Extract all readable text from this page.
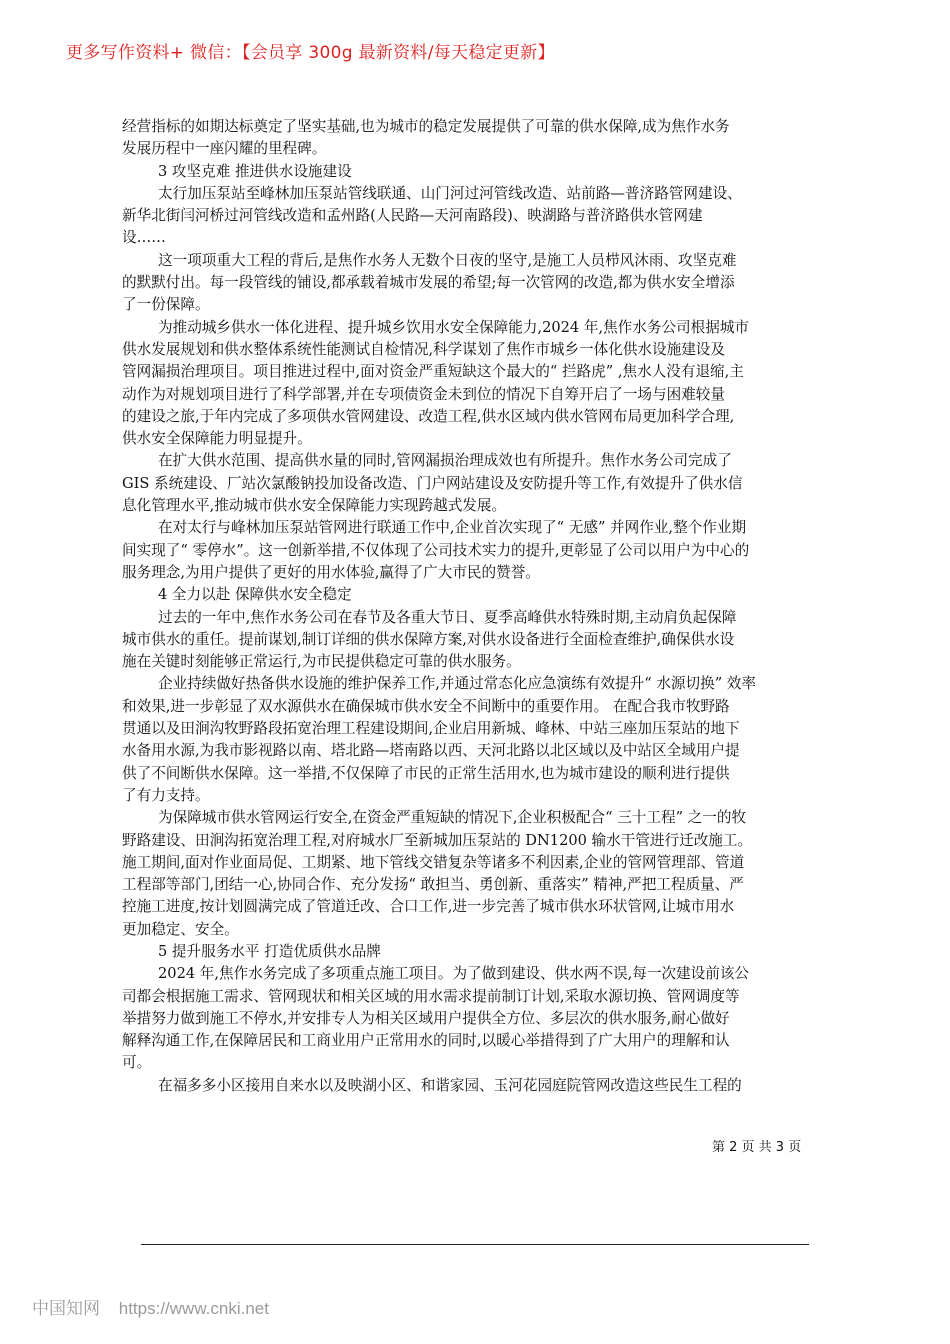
更多写作资料+ 微信：【会员享 300g 最新资料/每天稳定更新】
经营指标的如期达标奠定了坚实基础,也为城市的稳定发展提供了可靠的供水保障,成为焦作水务
发展历程中一座闪耀的里程碑。
3 攻坚克难 推进供水设施建设
太行加压泵站至峰林加压泵站管线联通、山门河过河管线改造、站前路—普济路管网建设、
新华北街闫河桥过河管线改造和孟州路(人民路—天河南路段)、映湖路与普济路供水管网建
设……
这一项项重大工程的背后,是焦作水务人无数个日夜的坚守,是施工人员栉风沐雨、攻坚克难
的默默付出。每一段管线的铺设,都承载着城市发展的希望;每一次管网的改造,都为供水安全增添
了一份保障。
为推动城乡供水一体化进程、提升城乡饮用水安全保障能力,2024 年,焦作水务公司根据城市
供水发展规划和供水整体系统性能测试自检情况,科学谋划了焦作市城乡一体化供水设施建设及
管网漏损治理项目。项目推进过程中,面对资金严重短缺这个最大的“ 拦路虎” ,焦水人没有退缩,主
动作为对规划项目进行了科学部署,并在专项债资金未到位的情况下自筹开启了一场与困难较量
的建设之旅,于年内完成了多项供水管网建设、改造工程,供水区域内供水管网布局更加科学合理,
供水安全保障能力明显提升。
在扩大供水范围、提高供水量的同时,管网漏损治理成效也有所提升。焦作水务公司完成了
GIS 系统建设、厂站次氯酸钠投加设备改造、门户网站建设及安防提升等工作,有效提升了供水信
息化管理水平,推动城市供水安全保障能力实现跨越式发展。
在对太行与峰林加压泵站管网进行联通工作中,企业首次实现了“ 无感” 并网作业,整个作业期
间实现了“ 零停水”。这一创新举措,不仅体现了公司技术实力的提升,更彰显了公司以用户为中心的
服务理念,为用户提供了更好的用水体验,赢得了广大市民的赞誉。
4 全力以赴 保障供水安全稳定
过去的一年中,焦作水务公司在春节及各重大节日、夏季高峰供水特殊时期,主动肩负起保障
城市供水的重任。提前谋划,制订详细的供水保障方案,对供水设备进行全面检查维护,确保供水设
施在关键时刻能够正常运行,为市民提供稳定可靠的供水服务。
企业持续做好热备供水设施的维护保养工作,并通过常态化应急演练有效提升“ 水源切换” 效率
和效果,进一步彰显了双水源供水在确保城市供水安全不间断中的重要作用。 在配合我市牧野路
贯通以及田涧沟牧野路段拓宽治理工程建设期间,企业启用新城、峰林、中站三座加压泵站的地下
水备用水源,为我市影视路以南、塔北路—塔南路以西、天河北路以北区域以及中站区全域用户提
供了不间断供水保障。这一举措,不仅保障了市民的正常生活用水,也为城市建设的顺利进行提供
了有力支持。
为保障城市供水管网运行安全,在资金严重短缺的情况下,企业积极配合“ 三十工程” 之一的牧
野路建设、田涧沟拓宽治理工程,对府城水厂至新城加压泵站的 DN1200 输水干管进行迁改施工。
施工期间,面对作业面局促、工期紧、地下管线交错复杂等诸多不利因素,企业的管网管理部、管道
工程部等部门,团结一心,协同合作、充分发扬“ 敢担当、勇创新、重落实” 精神,严把工程质量、严
控施工进度,按计划圆满完成了管道迁改、合口工作,进一步完善了城市供水环状管网,让城市用水
更加稳定、安全。
5 提升服务水平 打造优质供水品牌
2024 年,焦作水务完成了多项重点施工项目。为了做到建设、供水两不误,每一次建设前该公
司都会根据施工需求、管网现状和相关区域的用水需求提前制订计划,采取水源切换、管网调度等
举措努力做到施工不停水,并安排专人为相关区域用户提供全方位、多层次的供水服务,耐心做好
解释沟通工作,在保障居民和工商业用户正常用水的同时,以暖心举措得到了广大用户的理解和认
可。
在福多多小区接用自来水以及映湖小区、和谐家园、玉河花园庭院管网改造这些民生工程的
第 2 页 共 3 页
中国知网 https://www.cnki.net
